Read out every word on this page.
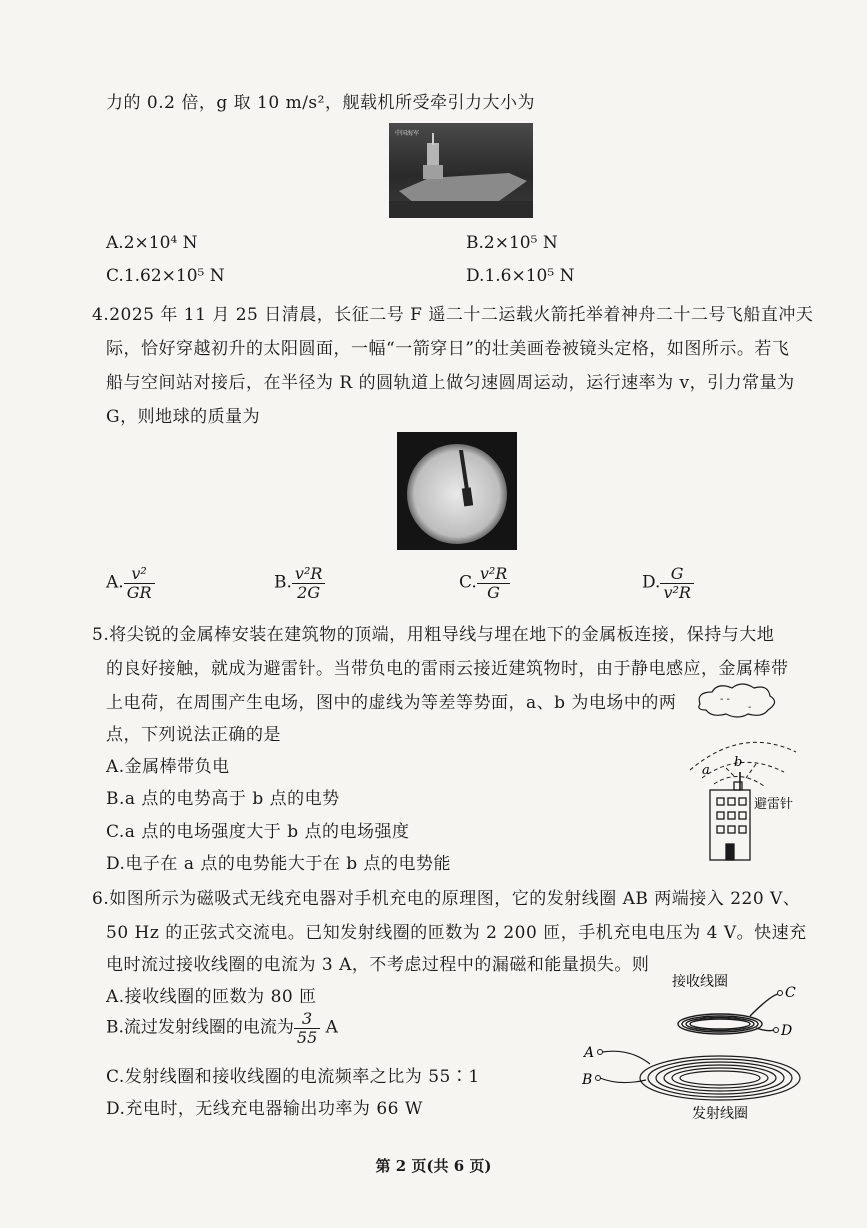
力的 0.2 倍，g 取 10 m/s²，舰载机所受牵引力大小为
中国海军
A.2×10⁴ N	B.2×10⁵ N
C.1.62×10⁵ N	D.1.6×10⁵ N
4.2025 年 11 月 25 日清晨，长征二号 F 遥二十二运载火箭托举着神舟二十二号飞船直冲天
际，恰好穿越初升的太阳圆面，一幅“一箭穿日”的壮美画卷被镜头定格，如图所示。若飞
船与空间站对接后，在半径为 R 的圆轨道上做匀速圆周运动，运行速率为 v，引力常量为
G，则地球的质量为
A. $\frac{\text{v²}}{GR}$	B. $\frac{\text{v²R}}{2G}$	C. $\frac{\text{v²R}}{G}$	D. $\frac{G}{\text{v²R}}$
5.将尖锐的金属棒安装在建筑物的顶端，用粗导线与埋在地下的金属板连接，保持与大地
的良好接触，就成为避雷针。当带负电的雷雨云接近建筑物时，由于静电感应，金属棒带
上电荷，在周围产生电场，图中的虚线为等差等势面，a、b 为电场中的两
点，下列说法正确的是
A.金属棒带负电
B.a 点的电势高于 b 点的电势
C.a 点的电场强度大于 b 点的电场强度
D.电子在 a 点的电势能大于在 b 点的电势能
- -
-
a
b
避雷针
6.如图所示为磁吸式无线充电器对手机充电的原理图，它的发射线圈 AB 两端接入 220 V、
50 Hz 的正弦式交流电。已知发射线圈的匝数为 2 200 匝，手机充电电压为 4 V。快速充
电时流过接收线圈的电流为 3 A，不考虑过程中的漏磁和能量损失。则
A.接收线圈的匝数为 80 匝
B.流过发射线圈的电流为 $\frac{3}{55}$ A
C.发射线圈和接收线圈的电流频率之比为 55∶1
D.充电时，无线充电器输出功率为 66 W
接收线圈
C
D
A
B
发射线圈
第 2 页(共 6 页)
